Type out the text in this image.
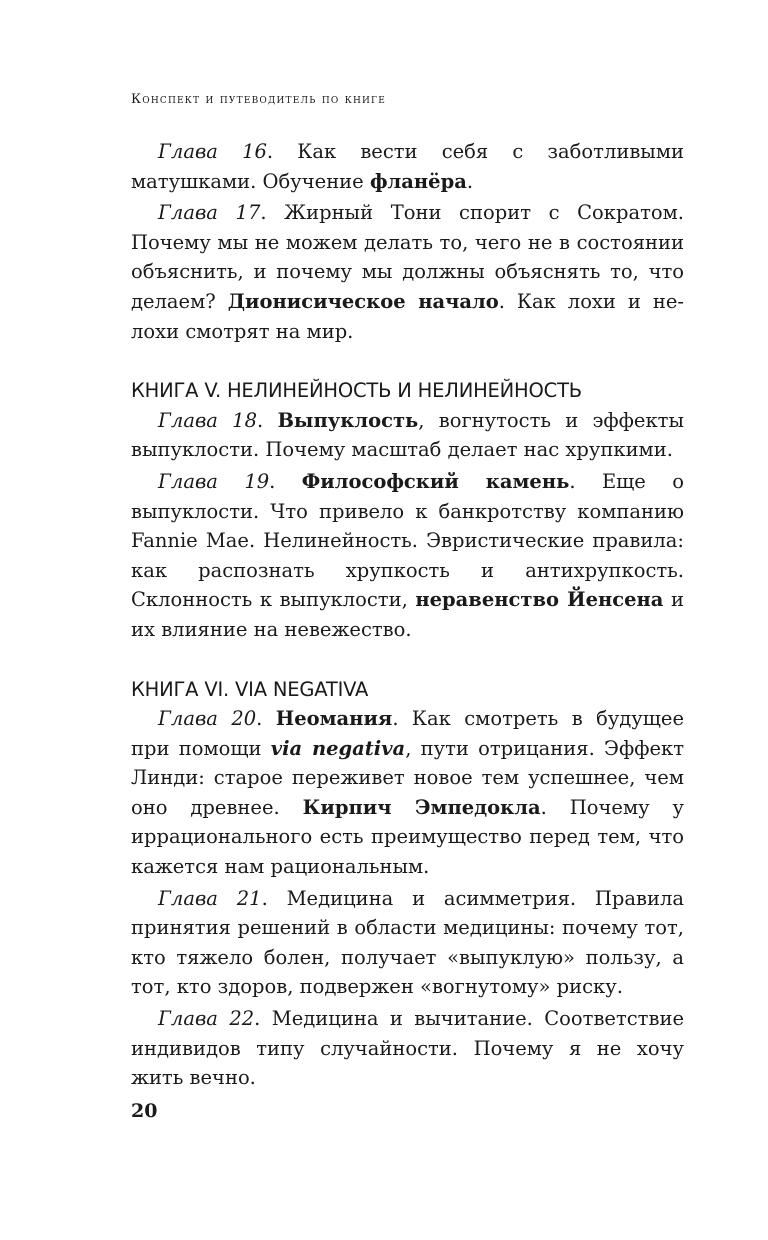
Конспект и путеводитель по книге

Глава 16. Как вести себя с заботливыми матушками. Обучение фланёра.

Глава 17. Жирный Тони спорит с Сократом. Почему мы не можем делать то, чего не в состоянии объяснить, и почему мы должны объяснять то, что делаем? Дионисическое начало. Как лохи и не-лохи смотрят на мир.

КНИГА V. НЕЛИНЕЙНОСТЬ И НЕЛИНЕЙНОСТЬ

Глава 18. Выпуклость, вогнутость и эффекты выпуклости. Почему масштаб делает нас хрупкими.

Глава 19. Философский камень. Еще о выпуклости. Что привело к банкротству компанию Fannie Mae. Нелинейность. Эвристические правила: как распознать хрупкость и антихрупкость. Склонность к выпуклости, неравенство Йенсена и их влияние на невежество.

КНИГА VI. VIA NEGATIVA

Глава 20. Неомания. Как смотреть в будущее при помощи via negativa, пути отрицания. Эффект Линди: старое переживет новое тем успешнее, чем оно древнее. Кирпич Эмпедокла. Почему у иррационального есть преимущество перед тем, что кажется нам рациональным.

Глава 21. Медицина и асимметрия. Правила принятия решений в области медицины: почему тот, кто тяжело болен, получает «выпуклую» пользу, а тот, кто здоров, подвержен «вогнутому» риску.

Глава 22. Медицина и вычитание. Соответствие индивидов типу случайности. Почему я не хочу жить вечно.

20
